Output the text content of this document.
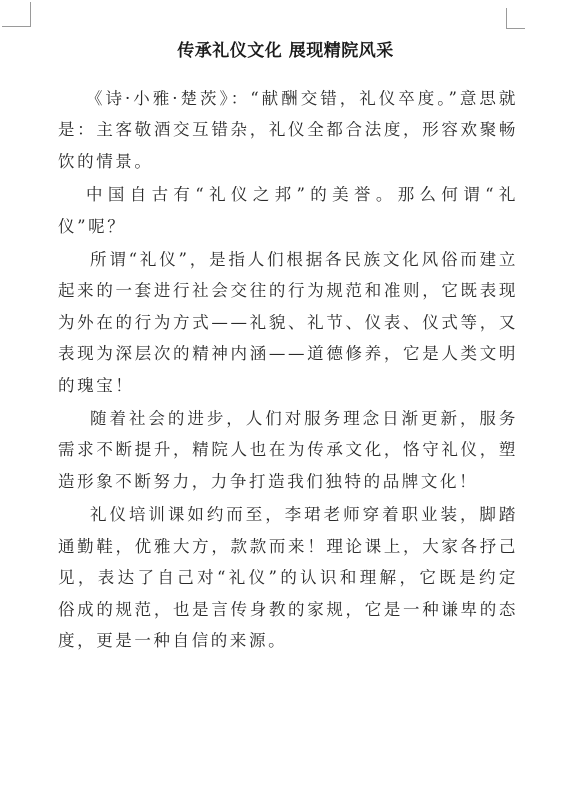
传承礼仪文化 展现精院风采

《诗·小雅·楚茨》：“献酬交错，礼仪卒度。”意思就是：主客敬酒交互错杂，礼仪全都合法度，形容欢聚畅饮的情景。

中国自古有“礼仪之邦”的美誉。那么何谓“礼仪”呢？

所谓“礼仪”，是指人们根据各民族文化风俗而建立起来的一套进行社会交往的行为规范和准则，它既表现为外在的行为方式——礼貌、礼节、仪表、仪式等，又表现为深层次的精神内涵——道德修养，它是人类文明的瑰宝！

随着社会的进步，人们对服务理念日渐更新，服务需求不断提升，精院人也在为传承文化，恪守礼仪，塑造形象不断努力，力争打造我们独特的品牌文化！

礼仪培训课如约而至，李珺老师穿着职业装，脚踏通勤鞋，优雅大方，款款而来！理论课上，大家各抒己见，表达了自己对“礼仪”的认识和理解，它既是约定俗成的规范，也是言传身教的家规，它是一种谦卑的态度，更是一种自信的来源。
